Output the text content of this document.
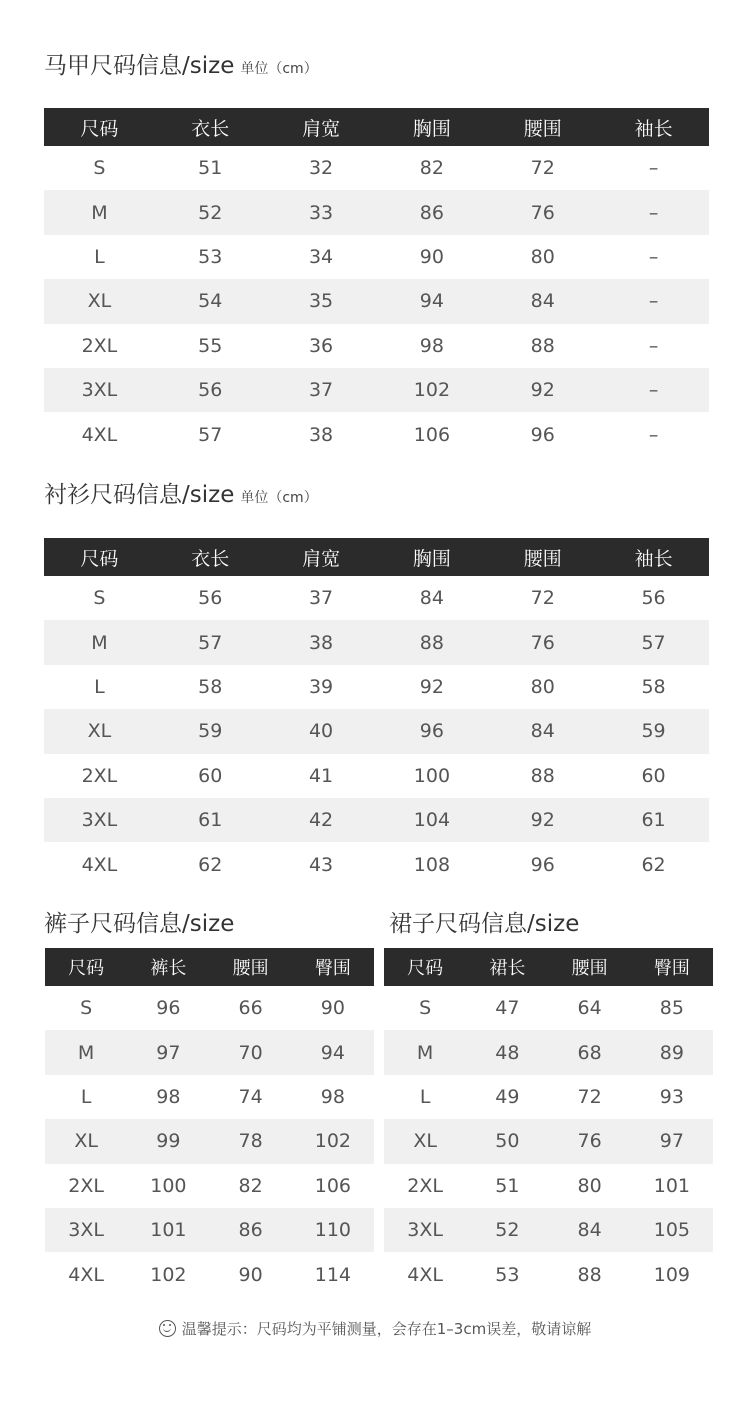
马甲尺码信息/size 单位（cm）
尺码	衣长	肩宽	胸围	腰围	袖长
S	51	32	82	72	–
M	52	33	86	76	–
L	53	34	90	80	–
XL	54	35	94	84	–
2XL	55	36	98	88	–
3XL	56	37	102	92	–
4XL	57	38	106	96	–
衬衫尺码信息/size 单位（cm）
尺码	衣长	肩宽	胸围	腰围	袖长
S	56	37	84	72	56
M	57	38	88	76	57
L	58	39	92	80	58
XL	59	40	96	84	59
2XL	60	41	100	88	60
3XL	61	42	104	92	61
4XL	62	43	108	96	62
裤子尺码信息/size
尺码	裤长	腰围	臀围
S	96	66	90
M	97	70	94
L	98	74	98
XL	99	78	102
2XL	100	82	106
3XL	101	86	110
4XL	102	90	114
裙子尺码信息/size
尺码	裙长	腰围	臀围
S	47	64	85
M	48	68	89
L	49	72	93
XL	50	76	97
2XL	51	80	101
3XL	52	84	105
4XL	53	88	109
温馨提示：尺码均为平铺测量，会存在1–3cm误差，敬请谅解
